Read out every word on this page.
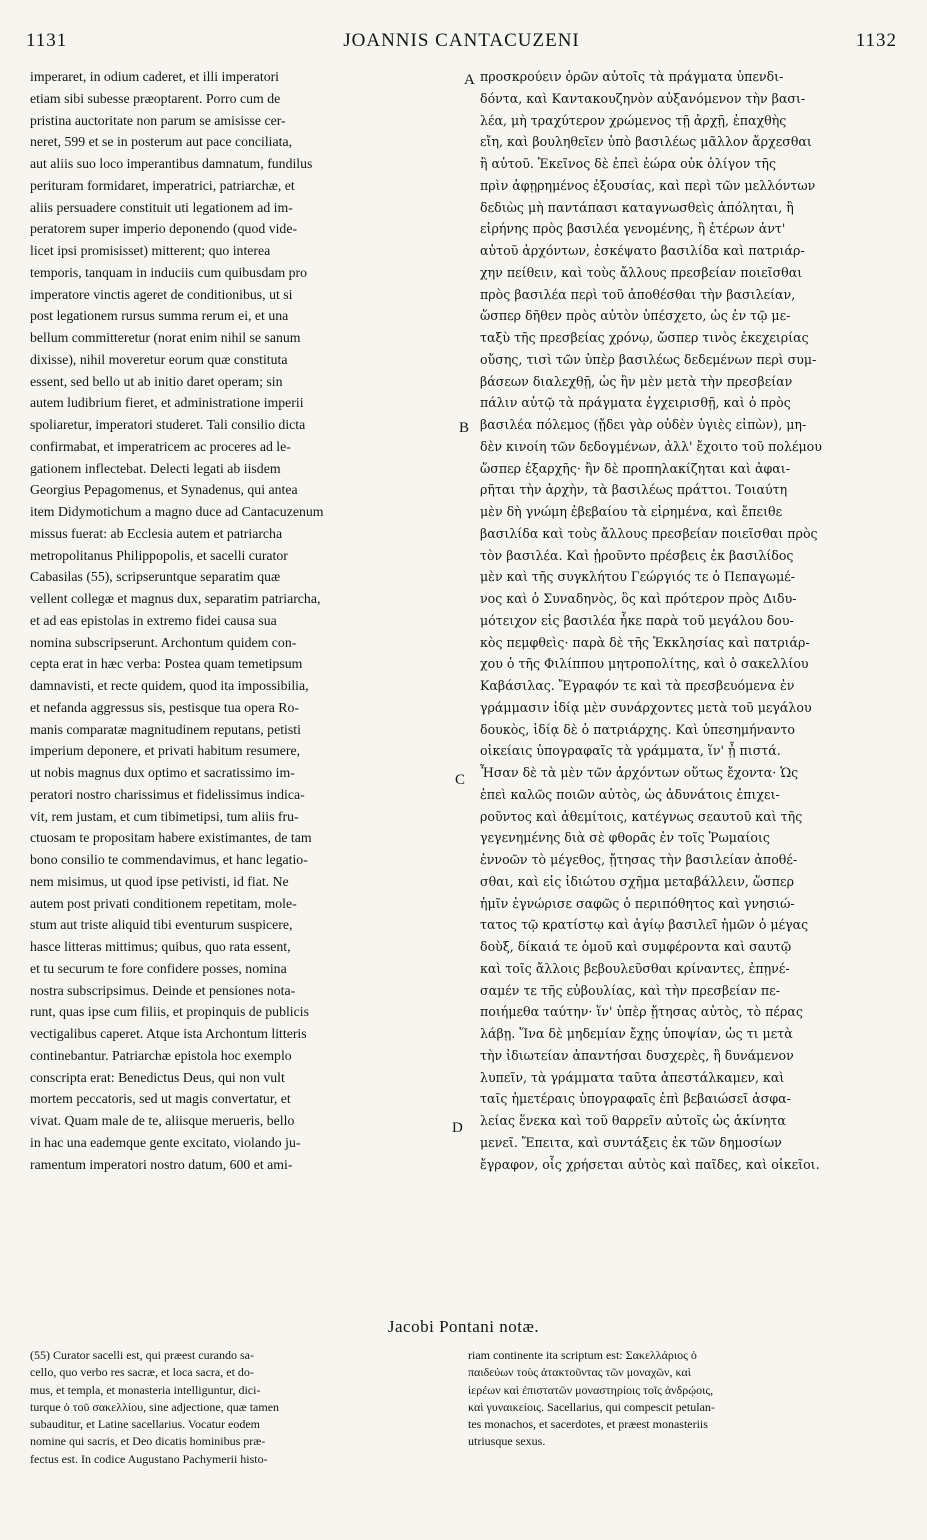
1131	JOANNIS CANTACUZENI	1132
imperaret, in odium caderet, et illi imperatori
etiam sibi subesse præoptarent. Porro cum de
pristina auctoritate non parum se amisisse cer-
neret, 599 et se in posterum aut pace conciliata,
aut aliis suo loco imperantibus damnatum, fundilus
perituram formidaret, imperatrici, patriarchæ, et
aliis persuadere constituit uti legationem ad im-
peratorem super imperio deponendo (quod vide-
licet ipsi promisisset) mitterent; quo interea
temporis, tanquam in induciis cum quibusdam pro
imperatore vinctis ageret de conditionibus, ut si
post legationem rursus summa rerum ei, et una
bellum committeretur (norat enim nihil se sanum
dixisse), nihil moveretur eorum quæ constituta
essent, sed bello ut ab initio daret operam; sin
autem ludibrium fieret, et administratione imperii
spoliaretur, imperatori studeret. Tali consilio dicta
confirmabat, et imperatricem ac proceres ad le-
gationem inflectebat. Delecti legati ab iisdem
Georgius Pepagomenus, et Synadenus, qui antea
item Didymotichum a magno duce ad Cantacuzenum
missus fuerat: ab Ecclesia autem et patriarcha
metropolitanus Philippopolis, et sacelli curator
Cabasilas (55), scripseruntque separatim quæ
vellent collegæ et magnus dux, separatim patriarcha,
et ad eas epistolas in extremo fidei causa sua
nomina subscripserunt. Archontum quidem con-
cepta erat in hæc verba: Postea quam temetipsum
damnavisti, et recte quidem, quod ita impossibilia,
et nefanda aggressus sis, pestisque tua opera Ro-
manis comparatæ magnitudinem reputans, petisti
imperium deponere, et privati habitum resumere,
ut nobis magnus dux optimo et sacratissimo im-
peratori nostro charissimus et fidelissimus indica-
vit, rem justam, et cum tibimetipsi, tum aliis fru-
ctuosam te propositam habere existimantes, de tam
bono consilio te commendavimus, et hanc legatio-
nem misimus, ut quod ipse petivisti, id fiat. Ne
autem post privati conditionem repetitam, mole-
stum aut triste aliquid tibi eventurum suspicere,
hasce litteras mittimus; quibus, quo rata essent,
et tu securum te fore confidere posses, nomina
nostra subscripsimus. Deinde et pensiones nota-
runt, quas ipse cum filiis, et propinquis de publicis
vectigalibus caperet. Atque ista Archontum litteris
continebantur. Patriarchæ epistola hoc exemplo
conscripta erat: Benedictus Deus, qui non vult
mortem peccatoris, sed ut magis convertatur, et
vivat. Quam male de te, aliisque merueris, bello
in hac una eademque gente excitato, violando ju-
ramentum imperatori nostro datum, 600 et ami-
προσκρούειν ὁρῶν αὐτοῖς τὰ πράγματα ὑπενδι-
δόντα, καὶ Καντακουζηνὸν αὐξανόμενον τὴν βασι-
λέα, μὴ τραχύτερον χρώμενος τῇ ἀρχῇ, ἐπαχθὴς
εἴη, καὶ βουληθεῖεν ὑπὸ βασιλέως μᾶλλον ἄρχεσθαι
ἢ αὐτοῦ. Ἐκεῖνος δὲ ἐπεὶ ἑώρα οὐκ ὀλίγον τῆς
πρὶν ἀφῃρημένος ἐξουσίας, καὶ περὶ τῶν μελλόντων
δεδιὼς μὴ παντάπασι καταγνωσθεὶς ἀπόληται, ἢ
εἰρήνης πρὸς βασιλέα γενομένης, ἢ ἑτέρων ἀντ'
αὐτοῦ ἀρχόντων, ἐσκέψατο βασιλίδα καὶ πατριάρ-
χην πείθειν, καὶ τοὺς ἄλλους πρεσβείαν ποιεῖσθαι
πρὸς βασιλέα περὶ τοῦ ἀποθέσθαι τὴν βασιλείαν,
ὥσπερ δῆθεν πρὸς αὐτὸν ὑπέσχετο, ὡς ἐν τῷ με-
ταξὺ τῆς πρεσβείας χρόνῳ, ὥσπερ τινὸς ἐκεχειρίας
οὔσης, τισὶ τῶν ὑπὲρ βασιλέως δεδεμένων περὶ συμ-
βάσεων διαλεχθῇ, ὡς ἢν μὲν μετὰ τὴν πρεσβείαν
πάλιν αὐτῷ τὰ πράγματα ἐγχειρισθῇ, καὶ ὁ πρὸς
βασιλέα πόλεμος (ᾔδει γὰρ οὐδὲν ὑγιὲς εἰπὼν), μη-
δὲν κινοίη τῶν δεδογμένων, ἀλλ' ἔχοιτο τοῦ πολέμου
ὥσπερ ἐξαρχῆς· ἢν δὲ προπηλακίζηται καὶ ἀφαι-
ρῆται τὴν ἀρχὴν, τὰ βασιλέως πράττοι. Τοιαύτη
μὲν δὴ γνώμη ἐβεβαίου τὰ εἰρημένα, καὶ ἔπειθε
βασιλίδα καὶ τοὺς ἄλλους πρεσβείαν ποιεῖσθαι πρὸς
τὸν βασιλέα. Καὶ ᾑροῦντο πρέσβεις ἐκ βασιλίδος
μὲν καὶ τῆς συγκλήτου Γεώργιός τε ὁ Πεπαγωμέ-
νος καὶ ὁ Συναδηνὸς, ὃς καὶ πρότερον πρὸς Διδυ-
μότειχον εἰς βασιλέα ἧκε παρὰ τοῦ μεγάλου δου-
κὸς πεμφθεὶς· παρὰ δὲ τῆς Ἐκκλησίας καὶ πατριάρ-
χου ὁ τῆς Φιλίππου μητροπολίτης, καὶ ὁ σακελλίου
Καβάσιλας. Ἔγραφόν τε καὶ τὰ πρεσβευόμενα ἐν
γράμμασιν ἰδίᾳ μὲν συνάρχοντες μετὰ τοῦ μεγάλου
δουκὸς, ἰδίᾳ δὲ ὁ πατριάρχης. Καὶ ὑπεσημήναντο
οἰκείαις ὑπογραφαῖς τὰ γράμματα, ἵν' ᾖ πιστά.
Ἦσαν δὲ τὰ μὲν τῶν ἀρχόντων οὕτως ἔχοντα· Ὡς
ἐπεὶ καλῶς ποιῶν αὐτὸς, ὡς ἀδυνάτοις ἐπιχει-
ροῦντος καὶ ἀθεμίτοις, κατέγνως σεαυτοῦ καὶ τῆς
γεγενημένης διὰ σὲ φθορᾶς ἐν τοῖς Ῥωμαίοις
ἐννοῶν τὸ μέγεθος, ᾔτησας τὴν βασιλείαν ἀποθέ-
σθαι, καὶ εἰς ἰδιώτου σχῆμα μεταβάλλειν, ὥσπερ
ἡμῖν ἐγνώρισε σαφῶς ὁ περιπόθητος καὶ γνησιώ-
τατος τῷ κρατίστῳ καὶ ἁγίῳ βασιλεῖ ἡμῶν ὁ μέγας
δοὺξ, δίκαιά τε ὁμοῦ καὶ συμφέροντα καὶ σαυτῷ
καὶ τοῖς ἄλλοις βεβουλεῦσθαι κρίναντες, ἐπῃνέ-
σαμέν τε τῆς εὐβουλίας, καὶ τὴν πρεσβείαν πε-
ποιήμεθα ταύτην· ἵν' ὑπὲρ ᾔτησας αὐτὸς, τὸ πέρας
λάβῃ. Ἵνα δὲ μηδεμίαν ἔχῃς ὑποψίαν, ὡς τι μετὰ
τὴν ἰδιωτείαν ἀπαντήσαι δυσχερὲς, ἢ δυνάμενον
λυπεῖν, τὰ γράμματα ταῦτα ἀπεστάλκαμεν, καὶ
ταῖς ἡμετέραις ὑπογραφαῖς ἐπὶ βεβαιώσεῖ ἀσφα-
λείας ἕνεκα καὶ τοῦ θαρρεῖν αὐτοῖς ὡς ἀκίνητα
μενεῖ. Ἔπειτα, καὶ συντάξεις ἐκ τῶν δημοσίων
ἔγραφον, οἷς χρήσεται αὐτὸς καὶ παῖδες, καὶ οἰκεῖοι.
A
B
C
D
Jacobi Pontani notæ.
(55) Curator sacelli est, qui præest curando sa-
cello, quo verbo res sacræ, et loca sacra, et do-
mus, et templa, et monasteria intelliguntur, dici-
turque ὁ τοῦ σακελλίου, sine adjectione, quæ tamen
subauditur, et Latine sacellarius. Vocatur eodem
nomine qui sacris, et Deo dicatis hominibus præ-
fectus est. In codice Augustano Pachymerii histo-
riam continente ita scriptum est: Σακελλάριος ὁ
παιδεύων τοὺς ἀτακτοῦντας τῶν μοναχῶν, καὶ
ἱερέων καὶ ἐπιστατῶν μοναστηρίοις τοῖς ἀνδρῴοις,
καὶ γυναικείοις. Sacellarius, qui compescit petulan-
tes monachos, et sacerdotes, et præest monasteriis
utriusque sexus.
